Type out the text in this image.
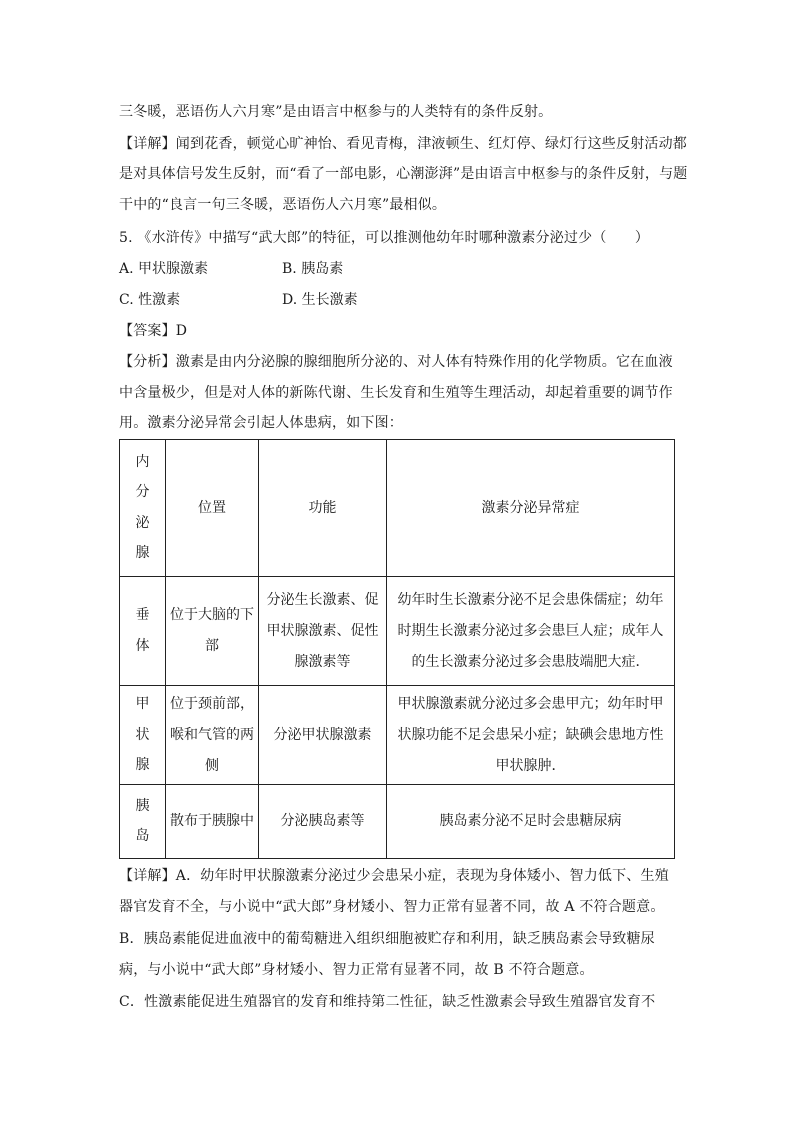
三冬暖，恶语伤人六月寒”是由语言中枢参与的人类特有的条件反射。
【详解】闻到花香，顿觉心旷神怡、看见青梅，津液顿生、红灯停、绿灯行这些反射活动都
是对具体信号发生反射，而“看了一部电影，心潮澎湃”是由语言中枢参与的条件反射，与题
干中的“良言一句三冬暖，恶语伤人六月寒”最相似。
5. 《水浒传》中描写“武大郎”的特征，可以推测他幼年时哪种激素分泌过少（　　）
A. 甲状腺激素	B. 胰岛素
C. 性激素	D. 生长激素
【答案】D
【分析】激素是由内分泌腺的腺细胞所分泌的、对人体有特殊作用的化学物质。它在血液
中含量极少，但是对人体的新陈代谢、生长发育和生殖等生理活动，却起着重要的调节作
用。激素分泌异常会引起人体患病，如下图：
内分泌腺	位置	功能	激素分泌异常症
垂体	位于大脑的下部	分泌生长激素、促甲状腺激素、促性腺激素等	幼年时生长激素分泌不足会患侏儒症；幼年时期生长激素分泌过多会患巨人症；成年人的生长激素分泌过多会患肢端肥大症．
甲状腺	位于颈前部，喉和气管的两侧	分泌甲状腺激素	甲状腺激素就分泌过多会患甲亢；幼年时甲状腺功能不足会患呆小症；缺碘会患地方性甲状腺肿．
胰岛	散布于胰腺中	分泌胰岛素等	胰岛素分泌不足时会患糖尿病
【详解】A．幼年时甲状腺激素分泌过少会患呆小症，表现为身体矮小、智力低下、生殖
器官发育不全，与小说中“武大郎”身材矮小、智力正常有显著不同，故 A 不符合题意。
B．胰岛素能促进血液中的葡萄糖进入组织细胞被贮存和利用，缺乏胰岛素会导致糖尿
病，与小说中“武大郎”身材矮小、智力正常有显著不同，故 B 不符合题意。
C．性激素能促进生殖器官的发育和维持第二性征，缺乏性激素会导致生殖器官发育不
